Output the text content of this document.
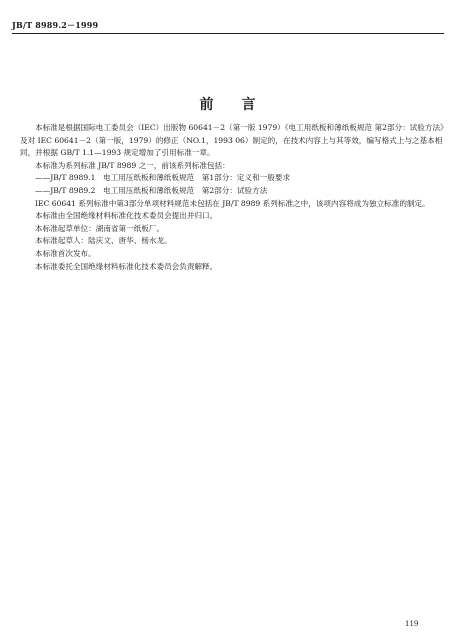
JB/T 8989.2－1999
前　　言

本标准是根据国际电工委员会（IEC）出版物 60641－2（第一版 1979）《电工用纸板和薄纸板规范 第2部分：试验方法》及对 IEC 60641－2（第一版，1979）的修正（NO.1，1993 06）制定的，在技术内容上与其等效，编写格式上与之基本相同，并根据 GB/T 1.1—1993 规定增加了引用标准一章。

本标准为系列标准 JB/T 8989 之一，前该系列标准包括：

——JB/T 8989.1　电工用压纸板和薄纸板规范　第1部分：定义和一般要求

——JB/T 8989.2　电工用压纸板和薄纸板规范　第2部分：试验方法

IEC 60641 系列标准中第3部分单项材料规范未包括在 JB/T 8989 系列标准之中，该项内容将成为独立标准的制定。

本标准由全国绝缘材料标准化技术委员会提出并归口。

本标准起草单位：湖南省第一纸板厂。

本标准起草人：陆庆文、唐华、杨水龙。

本标准首次发布。

本标准委托全国绝缘材料标准化技术委员会负责解释。

119
